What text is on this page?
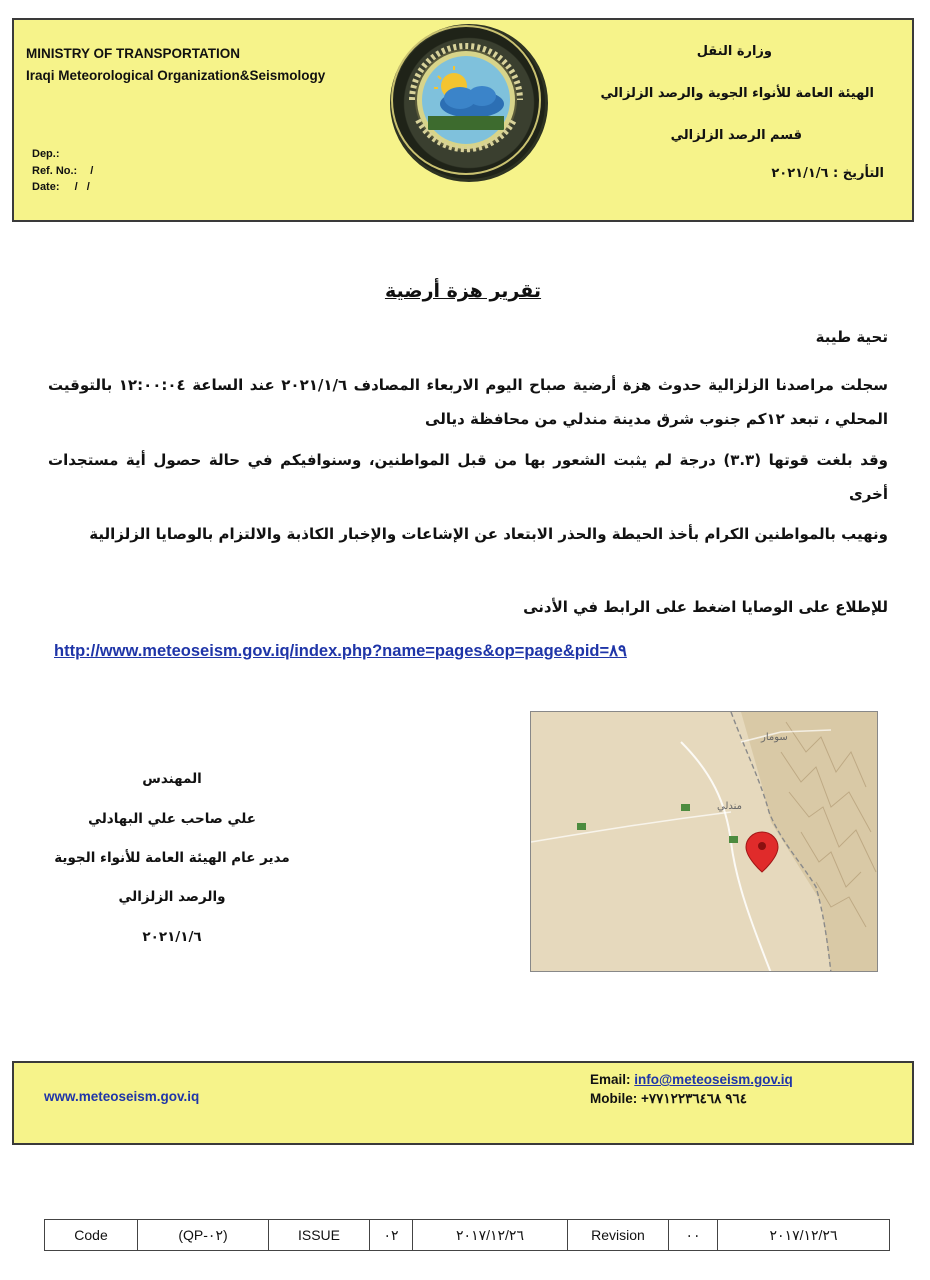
MINISTRY OF TRANSPORTATION
Iraqi Meteorological Organization&Seismology
Dep.:
Ref. No.: /
Date: /   /
وزارة النقل
الهيئة العامة للأنواء الجوية والرصد الزلزالي
قسم الرصد الزلزالي
التأريخ : ٢٠٢١/١/٦
تقرير هزة أرضية
تحية طيبة
سجلت مراصدنا الزلزالية حدوث هزة أرضية صباح اليوم الاربعاء المصادف ٢٠٢١/١/٦ عند الساعة ١٢:٠٠:٠٤ بالتوقيت المحلي ، تبعد ١٢كم جنوب شرق مدينة مندلي من محافظة ديالى
وقد بلغت قوتها (٣.٣) درجة لم يثبت الشعور بها من قبل المواطنين، وسنوافيكم في حالة حصول أية مستجدات أخرى
ونهيب بالمواطنين الكرام بأخذ الحيطة والحذر الابتعاد عن الإشاعات والإخبار الكاذبة والالتزام بالوصايا الزلزالية
للإطلاع على الوصايا اضغط على الرابط في الأدنى
http://www.meteoseism.gov.iq/index.php?name=pages&op=page&pid=٨٩
سومار
مندلي
المهندس
علي صاحب علي البهادلي
مدير عام الهيئة العامة للأنواء الجوية
والرصد الزلزالي
٢٠٢١/١/٦
www.meteoseism.gov.iq
Email: info@meteoseism.gov.iq
Mobile: +٩٦٤ ٧٧١٢٢٣٦٤٦٨
Code	(QP-٠٢)	ISSUE	٠٢	٢٠١٧/١٢/٢٦	Revision	٠٠	٢٠١٧/١٢/٢٦
